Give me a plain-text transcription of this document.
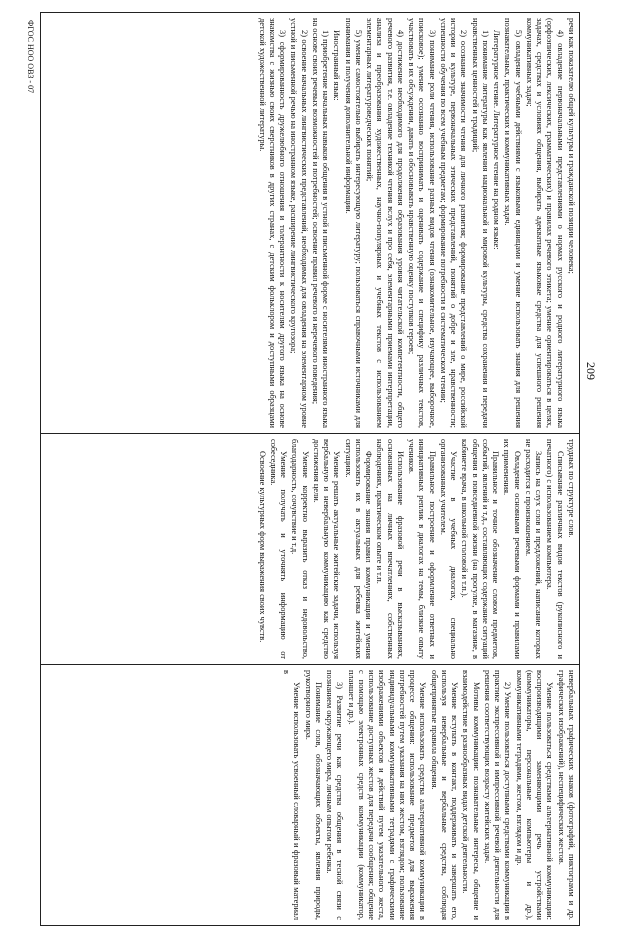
209

речи как показателю общей культуры и гражданской позиции человека;

4) овладение первоначальными представлениями о нормах русского и родного литературного языка (орфоэпических, лексических, грамматических) и правилах речевого этикета; умение ориентироваться в целях, задачах, средствах и условиях общения, выбирать адекватные языковые средства для успешного решения коммуникативных задач;

5) овладение учебными действиями с языковыми единицами и умение использовать знания для решения познавательных, практических и коммуникативных задач.

Литературное чтение. Литературное чтение на родном языке:

1) понимание литературы как явления национальной и мировой культуры, средства сохранения и передачи нравственных ценностей и традиций;

2) осознание значимости чтения для личного развития; формирование представлений о мире, российской истории и культуре, первоначальных этических представлений, понятий о добре и зле, нравственности; успешности обучения по всем учебным предметам; формирование потребности в систематическом чтении;

3) понимание роли чтения, использование разных видов чтения (ознакомительное, изучающее, выборочное, поисковое); умение осознанно воспринимать и оценивать содержание и специфику различных текстов, участвовать в их обсуждении, давать и обосновывать нравственную оценку поступков героев;

4) достижение необходимого для продолжения образования уровня читательской компетентности, общего речевого развития, т.е. овладение техникой чтения вслух и про себя, элементарными приемами интерпретации, анализа и преобразования художественных, научно-популярных и учебных текстов с использованием элементарных литературоведческих понятий;

5) умение самостоятельно выбирать интересующую литературу; пользоваться справочными источниками для понимания и получения дополнительной информации.

Иностранный язык:

1) приобретение начальных навыков общения в устной и письменной форме с носителями иностранного языка на основе своих речевых возможностей и потребностей; освоение правил речевого и неречевого поведения;

2) освоение начальных лингвистических представлений, необходимых для овладения на элементарном уровне устной и письменной речью на иностранном языке, расширение лингвистического кругозора;

3) сформированность дружелюбного отношения и толерантности к носителям другого языка на основе знакомства с жизнью своих сверстников в других странах, с детским фольклором и доступными образцами детской художественной литературы.

трудных по структуре слов.

Списывание различных видов текстов (рукописного и печатного) с использованием компьютера.

Запись на слух слов и предложений, написание которых не расходится с произношением.

Овладение основными речевыми формами и правилами их применения.

Правильное и точное обозначение словом предметов, событий, явлений и т.д., составляющих содержание ситуаций общения в повседневной жизни (на прогулке, в магазине, в кабинете врача, в школьной столовой и т.п.).

Участие в учебных диалогах, специально организованных учителем.

Правильное построение и оформление ответных и инициативных реплик в диалогах на темы, близкие опыту учеников.

Использование фразовой речи в высказываниях, основанных на личных впечатлениях, собственных наблюдениях, практическом опыте и т.п.

Формирование знания правил коммуникации и умения использовать их в актуальных для ребенка житейских ситуациях.

Умение решать актуальные житейские задачи, используя вербальную и невербальную коммуникацию как средство достижения цели.

Умение корректно выразить отказ и недовольство, благодарность, сочувствие и т.д.

Умение получать и уточнять информацию от собеседника.

Освоение культурных форм выражения своих чувств.

невербальных графических знаков (фотографий, пиктограмм и др. графических изображений), неспецифических жестов.

Умение пользоваться средствами альтернативной коммуникации: воспроизводящими заменяющими речь устройствами (коммуникаторы, персональные компьютеры и др.), коммуникативными тетрадями, жестом, взглядом и др.

2) Умение пользоваться доступными средствами коммуникации в практике экспрессивной и импрессивной речевой деятельности для решения соответствующих возрасту житейских задач.

Мотивы коммуникации: познавательные интересы, общение и взаимодействие в разнообразных видах детской деятельности.

Умение вступать в контакт, поддерживать и завершать его, используя невербальные и вербальные средства, соблюдая общепринятые правила общения.

Умение использовать средства альтернативной коммуникации в процессе общения: использование предметов для выражения потребностей путем указания на них жестом, взглядом; пользование индивидуальными коммуникативными тетрадями с графическими изображениями объектов и действий путем указательного жеста, использование доступных жестов для передачи сообщения; общение с помощью электронных средств коммуникации (коммуникатор, планшет и др.).

3) Развитие речи как средства общения в тесной связи с познанием окружающего мира, личным опытом ребенка.

Понимание слов, обозначающих объекты, явления природы, рукотворного мира.

Умение использовать усвоенный словарный и фразовый материал в

ФГОС НОО ОВЗ - 07
